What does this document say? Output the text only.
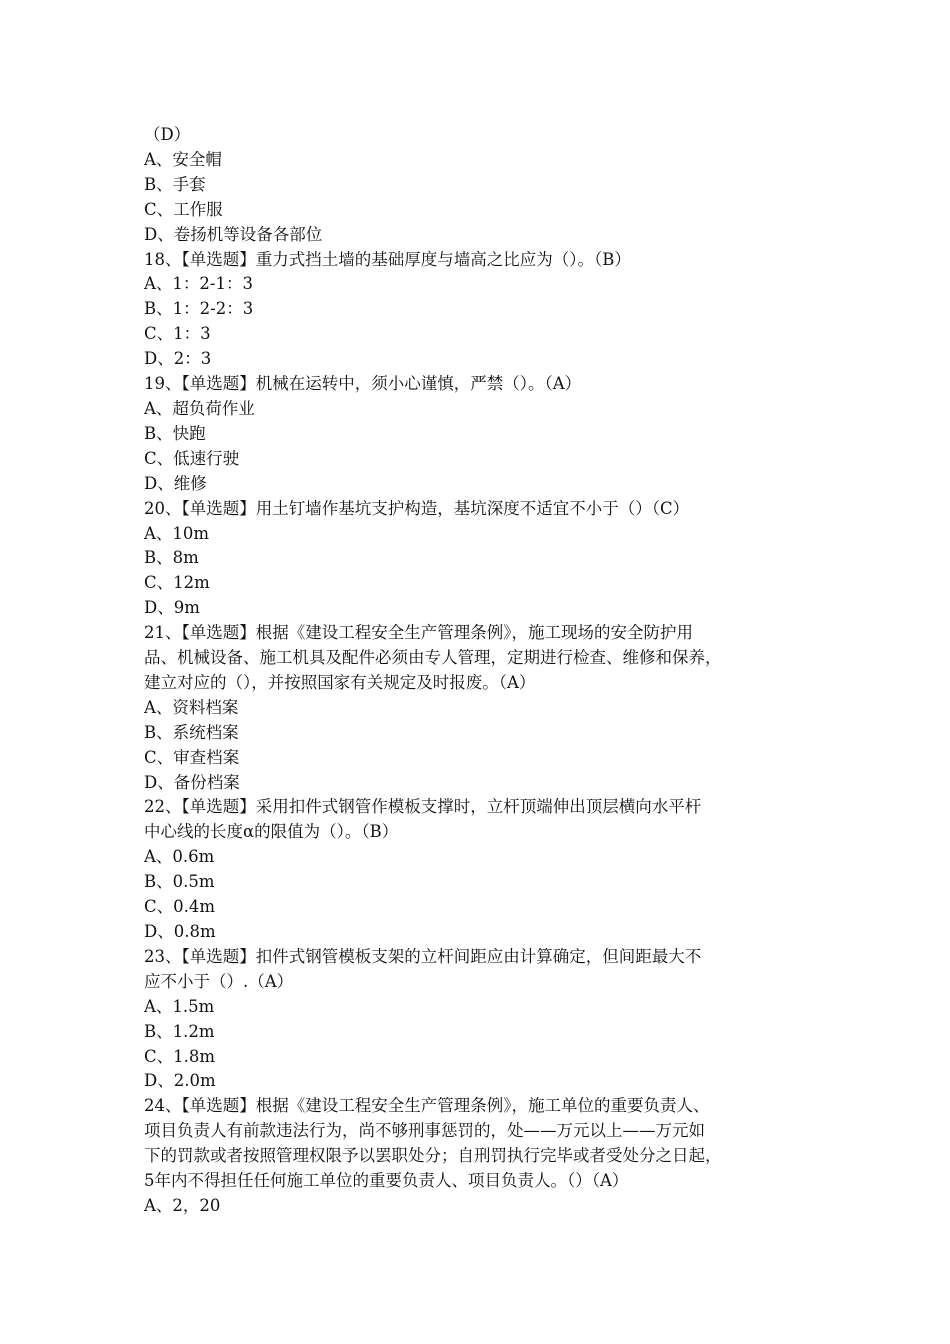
（D）

A、安全帽

B、手套

C、工作服

D、卷扬机等设备各部位

18、【单选题】重力式挡土墙的基础厚度与墙高之比应为（）。（B）

A、1：2-1：3

B、1：2-2：3

C、1：3

D、2：3

19、【单选题】机械在运转中，须小心谨慎，严禁（）。（A）

A、超负荷作业

B、快跑

C、低速行驶

D、维修

20、【单选题】用土钉墙作基坑支护构造，基坑深度不适宜不小于（）（C）

A、10m

B、8m

C、12m

D、9m

21、【单选题】根据《建设工程安全生产管理条例》，施工现场的安全防护用

品、机械设备、施工机具及配件必须由专人管理，定期进行检查、维修和保养，

建立对应的（），并按照国家有关规定及时报废。（A）

A、资料档案

B、系统档案

C、审查档案

D、备份档案

22、【单选题】采用扣件式钢管作模板支撑时，立杆顶端伸出顶层横向水平杆

中心线的长度α的限值为（）。（B）

A、0.6m

B、0.5m

C、0.4m

D、0.8m

23、【单选题】扣件式钢管模板支架的立杆间距应由计算确定，但间距最大不

应不小于（）.（A）

A、1.5m

B、1.2m

C、1.8m

D、2.0m

24、【单选题】根据《建设工程安全生产管理条例》，施工单位的重要负责人、

项目负责人有前款违法行为，尚不够刑事惩罚的，处——万元以上——万元如

下的罚款或者按照管理权限予以罢职处分；自刑罚执行完毕或者受处分之日起，

5年内不得担任任何施工单位的重要负责人、项目负责人。（）（A）

A、2，20
